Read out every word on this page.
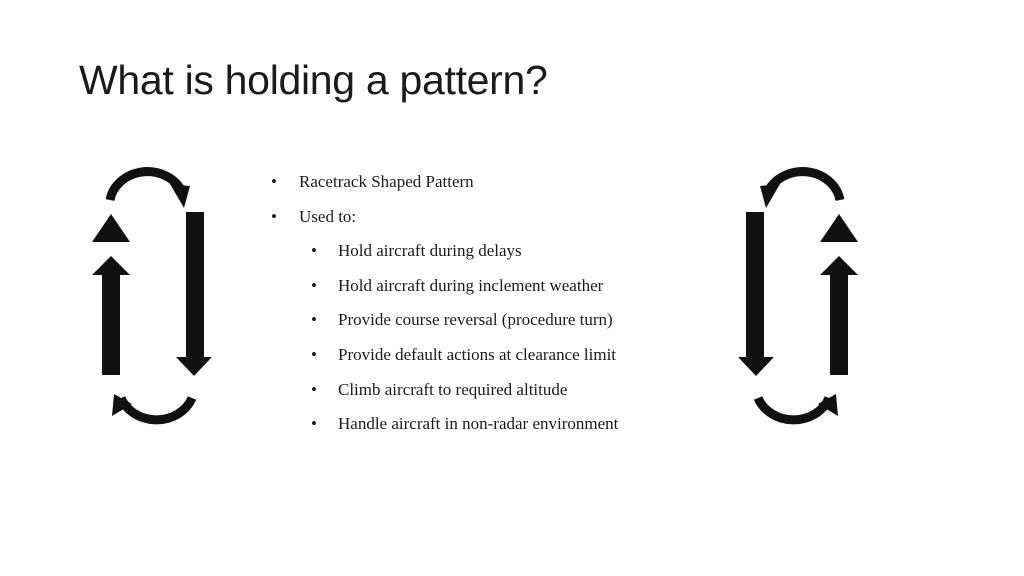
What is holding a pattern?
• Racetrack Shaped Pattern
• Used to:
• Hold aircraft during delays
• Hold aircraft during inclement weather
• Provide course reversal (procedure turn)
• Provide default actions at clearance limit
• Climb aircraft to required altitude
• Handle aircraft in non-radar environment
